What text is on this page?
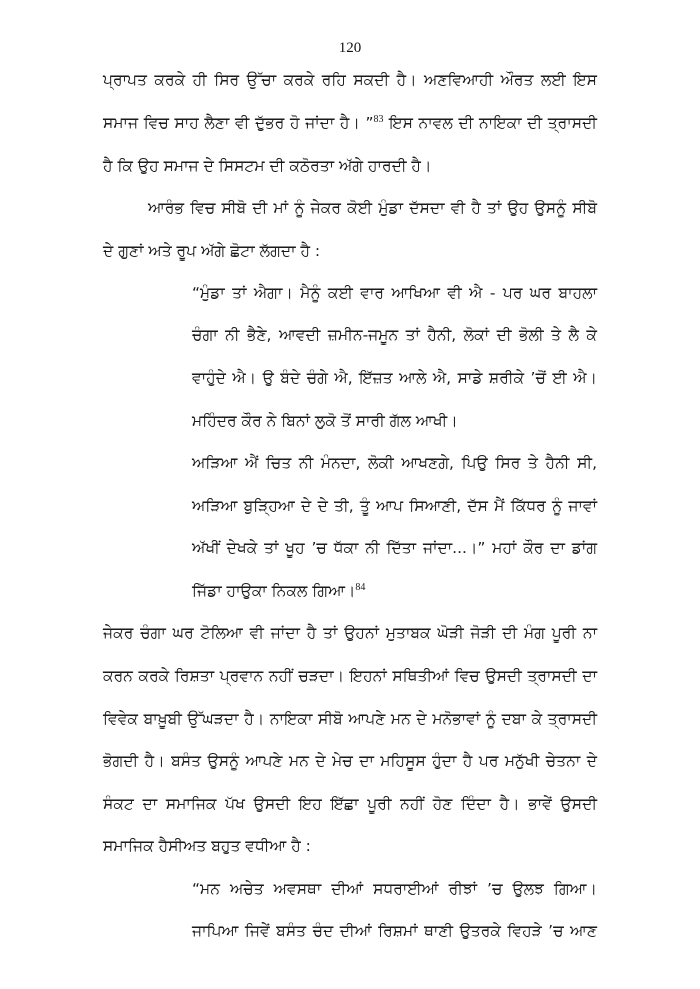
120
ਪ੍ਰਾਪਤ ਕਰਕੇ ਹੀ ਸਿਰ ਉੱਚਾ ਕਰਕੇ ਰਹਿ ਸਕਦੀ ਹੈ। ਅਣਵਿਆਹੀ ਔਰਤ ਲਈ ਇਸ
ਸਮਾਜ ਵਿਚ ਸਾਹ ਲੈਣਾ ਵੀ ਦੁੱਭਰ ਹੋ ਜਾਂਦਾ ਹੈ। ”$^{83}$ ਇਸ ਨਾਵਲ ਦੀ ਨਾਇਕਾ ਦੀ ਤ੍ਰਾਸਦੀ
ਹੈ ਕਿ ਉਹ ਸਮਾਜ ਦੇ ਸਿਸਟਮ ਦੀ ਕਠੋਰਤਾ ਅੱਗੇ ਹਾਰਦੀ ਹੈ।
ਆਰੰਭ ਵਿਚ ਸੀਬੋ ਦੀ ਮਾਂ ਨੂੰ ਜੇਕਰ ਕੋਈ ਮੁੰਡਾ ਦੱਸਦਾ ਵੀ ਹੈ ਤਾਂ ਉਹ ਉਸਨੂੰ ਸੀਬੋ
ਦੇ ਗੁਣਾਂ ਅਤੇ ਰੂਪ ਅੱਗੇ ਛੋਟਾ ਲੱਗਦਾ ਹੈ :
“ਮੁੰਡਾ ਤਾਂ ਐਗਾ। ਮੈਨੂੰ ਕਈ ਵਾਰ ਆਖਿਆ ਵੀ ਐ - ਪਰ ਘਰ ਬਾਹਲਾ
ਚੰਗਾ ਨੀ ਭੈਣੇ, ਆਵਦੀ ਜ਼ਮੀਨ-ਜਮੂਨ ਤਾਂ ਹੈਨੀ, ਲੋਕਾਂ ਦੀ ਭੋਲੀ ਤੇ ਲੈ ਕੇ
ਵਾਹੁੰਦੇ ਐ। ਉ ਬੰਦੇ ਚੰਗੇ ਐ, ਇੱਜ਼ਤ ਆਲੇ ਐ, ਸਾਡੇ ਸ਼ਰੀਕੇ ’ਚੋਂ ਈ ਐ।
ਮਹਿੰਦਰ ਕੌਰ ਨੇ ਬਿਨਾਂ ਲੁਕੋ ਤੋਂ ਸਾਰੀ ਗੱਲ ਆਖੀ।
ਅੜਿਆ ਐਂ ਚਿਤ ਨੀ ਮੰਨਦਾ, ਲੋਕੀ ਆਖਣਗੇ, ਪਿਉ ਸਿਰ ਤੇ ਹੈਨੀ ਸੀ,
ਅੜਿਆ ਬੁੜ੍ਹਿਆ ਦੇ ਦੇ ਤੀ, ਤੂੰ ਆਪ ਸਿਆਣੀ, ਦੱਸ ਮੈਂ ਕਿੱਧਰ ਨੂੰ ਜਾਵਾਂ
ਅੱਖੀਂ ਦੇਖਕੇ ਤਾਂ ਖੂਹ ’ਚ ਧੱਕਾ ਨੀ ਦਿੱਤਾ ਜਾਂਦਾ...।” ਮਹਾਂ ਕੌਰ ਦਾ ਡਾਂਗ
ਜਿੱਡਾ ਹਾਉਕਾ ਨਿਕਲ ਗਿਆ।$^{84}$
ਜੇਕਰ ਚੰਗਾ ਘਰ ਟੋਲਿਆ ਵੀ ਜਾਂਦਾ ਹੈ ਤਾਂ ਉਹਨਾਂ ਮੁਤਾਬਕ ਘੋੜੀ ਜੋੜੀ ਦੀ ਮੰਗ ਪੂਰੀ ਨਾ
ਕਰਨ ਕਰਕੇ ਰਿਸ਼ਤਾ ਪ੍ਰਵਾਨ ਨਹੀਂ ਚੜਦਾ। ਇਹਨਾਂ ਸਥਿਤੀਆਂ ਵਿਚ ਉਸਦੀ ਤ੍ਰਾਸਦੀ ਦਾ
ਵਿਵੇਕ ਬਾਖ਼ੂਬੀ ਉੱਘੜਦਾ ਹੈ। ਨਾਇਕਾ ਸੀਬੋ ਆਪਣੇ ਮਨ ਦੇ ਮਨੋਭਾਵਾਂ ਨੂੰ ਦਬਾ ਕੇ ਤ੍ਰਾਸਦੀ
ਭੋਗਦੀ ਹੈ। ਬਸੰਤ ਉਸਨੂੰ ਆਪਣੇ ਮਨ ਦੇ ਮੇਚ ਦਾ ਮਹਿਸੂਸ ਹੁੰਦਾ ਹੈ ਪਰ ਮਨੁੱਖੀ ਚੇਤਨਾ ਦੇ
ਸੰਕਟ ਦਾ ਸਮਾਜਿਕ ਪੱਖ ਉਸਦੀ ਇਹ ਇੱਛਾ ਪੂਰੀ ਨਹੀਂ ਹੋਣ ਦਿੰਦਾ ਹੈ। ਭਾਵੇਂ ਉਸਦੀ
ਸਮਾਜਿਕ ਹੈਸੀਅਤ ਬਹੁਤ ਵਧੀਆ ਹੈ :
“ਮਨ ਅਚੇਤ ਅਵਸਥਾ ਦੀਆਂ ਸਧਰਾਈਆਂ ਰੀਝਾਂ ’ਚ ਉਲਝ ਗਿਆ।
ਜਾਪਿਆ ਜਿਵੇਂ ਬਸੰਤ ਚੰਦ ਦੀਆਂ ਰਿਸ਼ਮਾਂ ਥਾਣੀ ਉਤਰਕੇ ਵਿਹੜੇ ’ਚ ਆਣ
